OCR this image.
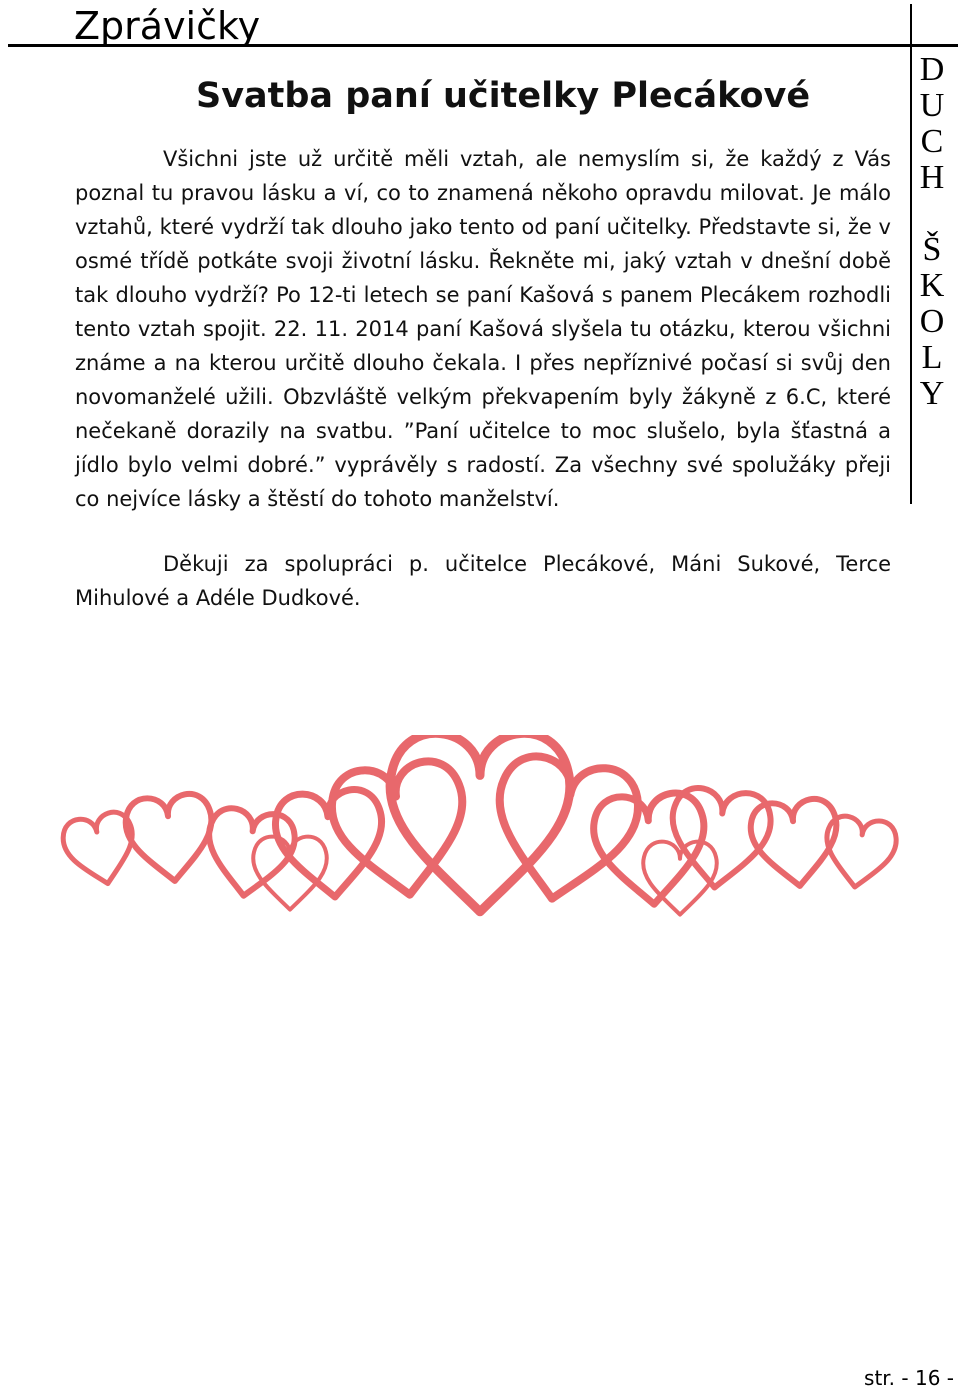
Zprávičky
D
U
C
H
Š
K
O
L
Y
Svatba paní učitelky Plecákové

Všichni jste už určitě měli vztah, ale nemyslím si, že každý z Vás poznal tu pravou lásku a ví, co to znamená někoho opravdu milovat. Je málo vztahů, které vydrží tak dlouho jako tento od paní učitelky. Představte si, že v osmé třídě potkáte svoji životní lásku. Řekněte mi, jaký vztah v dnešní době tak dlouho vydrží? Po 12-ti letech se paní Kašová s panem Plecákem rozhodli tento vztah spojit. 22. 11. 2014 paní Kašová slyšela tu otázku, kterou všichni známe a na kterou určitě dlouho čekala. I přes nepříznivé počasí si svůj den novomanželé užili. Obzvláště velkým překvapením byly žákyně z 6.C, které nečekaně dorazily na svatbu. ”Paní učitelce to moc slušelo, byla šťastná a jídlo bylo velmi dobré.” vyprávěly s radostí. Za všechny své spolužáky přeji co nejvíce lásky a štěstí do tohoto manželství.

Děkuji za spolupráci p. učitelce Plecákové, Máni Sukové, Terce Mihulové a Adéle Dudkové.

str. - 16 -
